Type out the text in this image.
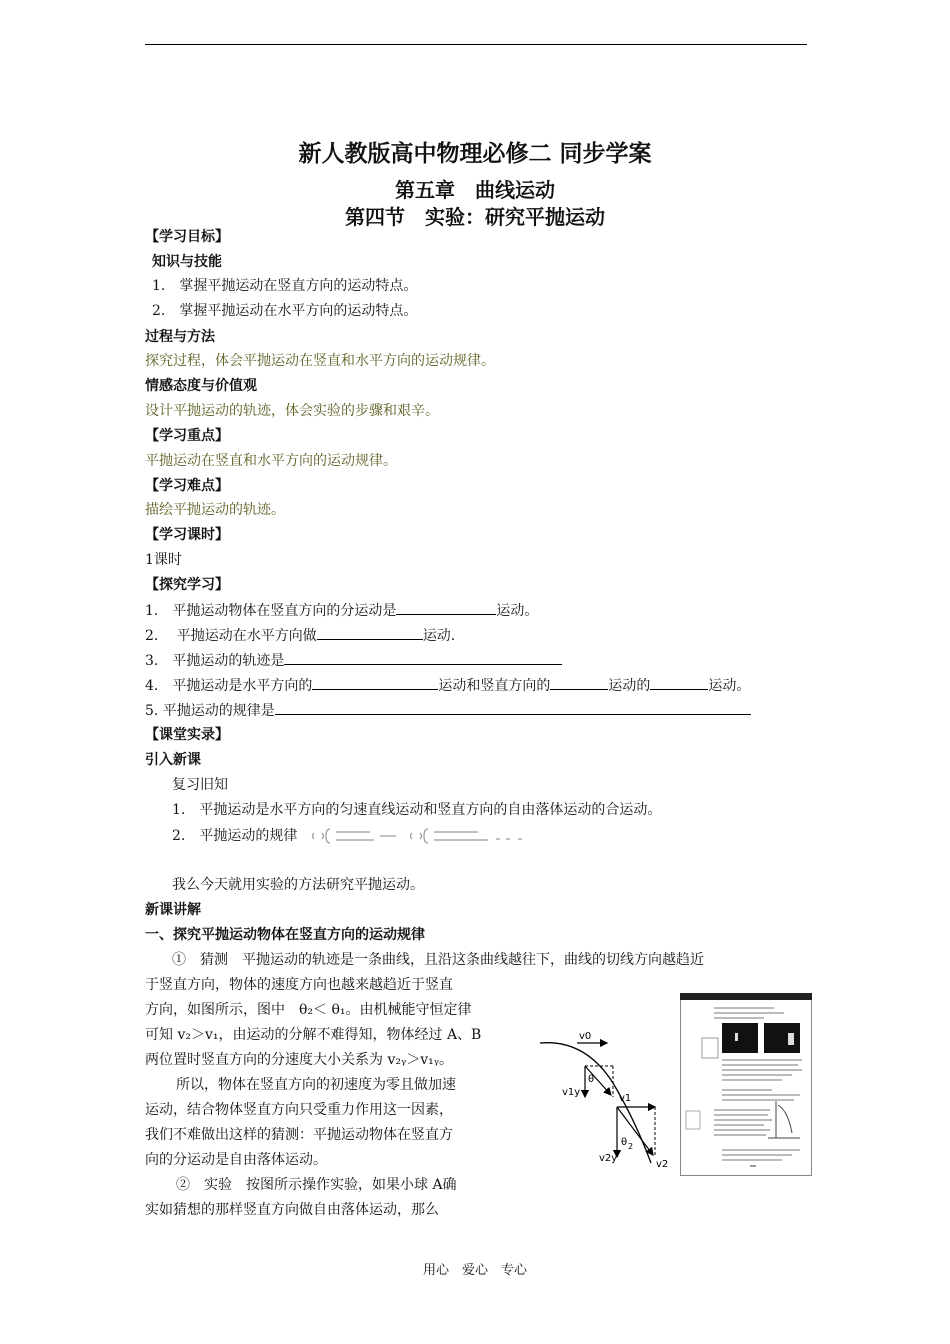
新人教版高中物理必修二 同步学案
第五章　曲线运动
第四节　实验：研究平抛运动
【学习目标】
知识与技能
1.　掌握平抛运动在竖直方向的运动特点。
2.　掌握平抛运动在水平方向的运动特点。
过程与方法
探究过程，体会平抛运动在竖直和水平方向的运动规律。
情感态度与价值观
设计平抛运动的轨迹，体会实验的步骤和艰辛。
【学习重点】
平抛运动在竖直和水平方向的运动规律。
【学习难点】
描绘平抛运动的轨迹。
【学习课时】
1课时
【探究学习】
1.　平抛运动物体在竖直方向的分运动是	运动。
2.　 平抛运动在水平方向做	运动.
3.　平抛运动的轨迹是
4.　平抛运动是水平方向的	运动和竖直方向的	运动的	运动。
5. 平抛运动的规律是
【课堂实录】
引入新课
复习旧知
1.　平抛运动是水平方向的匀速直线运动和竖直方向的自由落体运动的合运动。
2.　平抛运动的规律
我么今天就用实验的方法研究平抛运动。
新课讲解
一、探究平抛运动物体在竖直方向的运动规律
①　猜测　平抛运动的轨迹是一条曲线，且沿这条曲线越往下，曲线的切线方向越趋近
于竖直方向，物体的速度方向也越来越趋近于竖直
方向，如图所示，图中　θ₂＜ θ₁。由机械能守恒定律
可知 v₂＞v₁，由运动的分解不难得知，物体经过 A、B
两位置时竖直方向的分速度大小关系为 v₂ᵧ＞v₁ᵧ。
所以，物体在竖直方向的初速度为零且做加速
运动，结合物体竖直方向只受重力作用这一因素，
我们不难做出这样的猜测：平抛运动物体在竖直方
向的分运动是自由落体运动。
②　实验　按图所示操作实验，如果小球 A确
实如猜想的那样竖直方向做自由落体运动，那么
v0
v1y
θ
v1
θ 2
v2y
v2
用心　爱心　专心
